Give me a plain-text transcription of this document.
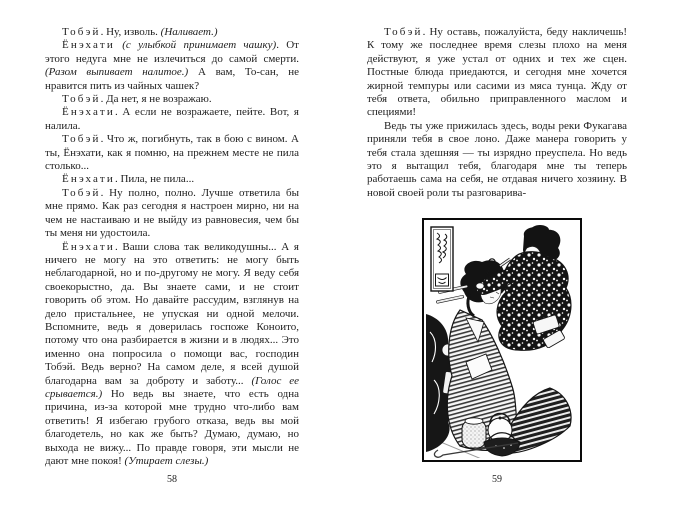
Тобэй. Ну, изволь. (Наливает.)

Ёнэхати (с улыбкой принимает чашку). От этого недуга мне не излечиться до самой смерти. (Разом выпивает налитое.) А вам, То-сан, не нравится пить из чайных чашек?

Тобэй. Да нет, я не возражаю.

Ёнэхати. А если не возражаете, пейте. Вот, я налила.

Тобэй. Что ж, погибнуть, так в бою с вином. А ты, Ёнэхати, как я помню, на прежнем месте не пила столько...

Ёнэхати. Пила, не пила...

Тобэй. Ну полно, полно. Лучше ответила бы мне прямо. Как раз сегодня я настроен мирно, ни на чем не настаиваю и не выйду из равновесия, чем бы ты меня ни удостоила.

Ёнэхати. Ваши слова так великодушны... А я ничего не могу на это ответить: не могу быть неблагодарной, но и по-другому не могу. Я веду себя своекорыстно, да. Вы знаете сами, и не стоит говорить об этом. Но давайте рассудим, взглянув на дело пристальнее, не упуская ни одной мелочи. Вспомните, ведь я доверилась госпоже Коноито, потому что она разбирается в жизни и в людях... Это именно она попросила о помощи вас, господин Тобэй. Ведь верно? На самом деле, я всей душой благодарна вам за доброту и заботу... (Голос ее срывается.) Но ведь вы знаете, что есть одна причина, из-за которой мне трудно что-либо вам ответить! Я избегаю грубого отказа, ведь вы мой благодетель, но как же быть? Думаю, думаю, но выхода не вижу... По правде говоря, эти мысли не дают мне покоя! (Утирает слезы.)

Тобэй. Ну оставь, пожалуйста, беду накличешь! К тому же последнее время слезы плохо на меня действуют, я уже устал от одних и тех же сцен. Постные блюда приедаются, и сегодня мне хочется жирной темпуры или сасими из мяса тунца. Жду от тебя ответа, обильно приправленного маслом и специями!

Ведь ты уже прижилась здесь, воды реки Фукагава приняли тебя в свое лоно. Даже манера говорить у тебя стала здешняя — ты изрядно преуспела. Но ведь это я вытащил тебя, благодаря мне ты теперь работаешь сама на себя, не отдавая ничего хозяину. В новой своей роли ты разговарива-

58	59
